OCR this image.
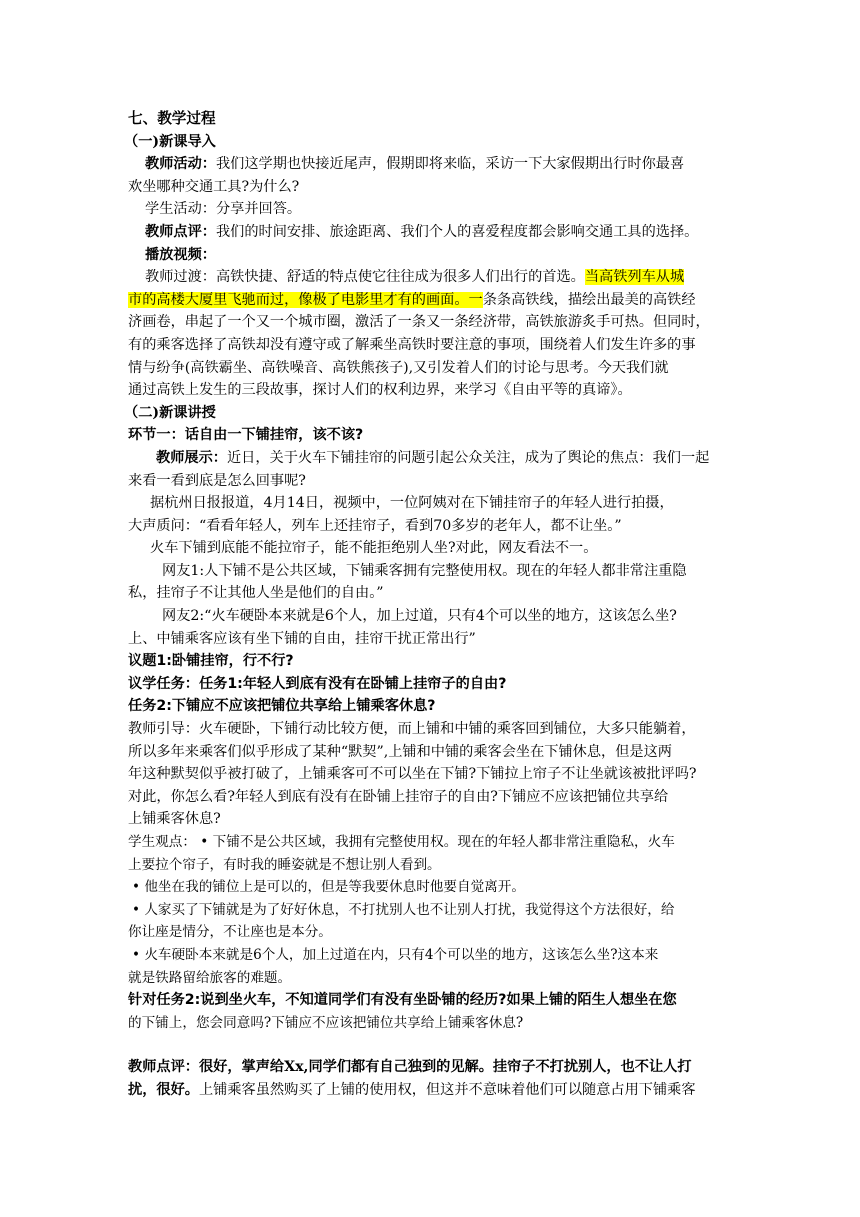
七、教学过程
（一)新课导入
教师活动：我们这学期也快接近尾声，假期即将来临，采访一下大家假期出行时你最喜
欢坐哪种交通工具?为什么?
学生活动：分享并回答。
教师点评：我们的时间安排、旅途距离、我们个人的喜爱程度都会影响交通工具的选择。
播放视频：
教师过渡：高铁快捷、舒适的特点使它往往成为很多人们出行的首选。当高铁列车从城
市的高楼大厦里飞驰而过，像极了电影里才有的画面。一条条高铁线，描绘出最美的高铁经
济画卷，串起了一个又一个城市圈，激活了一条又一条经济带，高铁旅游炙手可热。但同时，
有的乘客选择了高铁却没有遵守或了解乘坐高铁时要注意的事项，围绕着人们发生许多的事
情与纷争(高铁霸坐、高铁噪音、高铁熊孩子),又引发着人们的讨论与思考。今天我们就
通过高铁上发生的三段故事，探讨人们的权利边界，来学习《自由平等的真谛》。
（二)新课讲授
环节一：话自由一下铺挂帘，该不该?
教师展示：近日，关于火车下铺挂帘的问题引起公众关注，成为了舆论的焦点：我们一起
来看一看到底是怎么回事呢?
据杭州日报报道，4月14日，视频中，一位阿姨对在下铺挂帘子的年轻人进行拍摄，
大声质问：“看看年轻人，列车上还挂帘子，看到70多岁的老年人，都不让坐。”
火车下铺到底能不能拉帘子，能不能拒绝别人坐?对此，网友看法不一。
网友1:人下铺不是公共区域，下铺乘客拥有完整使用权。现在的年轻人都非常注重隐
私，挂帘子不让其他人坐是他们的自由。”
网友2:“火车硬卧本来就是6个人，加上过道，只有4个可以坐的地方，这该怎么坐?
上、中铺乘客应该有坐下铺的自由，挂帘干扰正常出行”
议题1:卧铺挂帘，行不行?
议学任务：任务1:年轻人到底有没有在卧铺上挂帘子的自由?
任务2:下铺应不应该把铺位共享给上铺乘客休息?
教师引导：火车硬卧，下铺行动比较方便，而上铺和中铺的乘客回到铺位，大多只能躺着，
所以多年来乘客们似乎形成了某种“默契”,上铺和中铺的乘客会坐在下铺休息，但是这两
年这种默契似乎被打破了，上铺乘客可不可以坐在下铺?下铺拉上帘子不让坐就该被批评吗?
对此，你怎么看?年轻人到底有没有在卧铺上挂帘子的自由?下铺应不应该把铺位共享给
上铺乘客休息?
学生观点： • 下铺不是公共区域，我拥有完整使用权。现在的年轻人都非常注重隐私，火车
上要拉个帘子，有时我的睡姿就是不想让别人看到。
• 他坐在我的铺位上是可以的，但是等我要休息时他要自觉离开。
• 人家买了下铺就是为了好好休息，不打扰别人也不让别人打扰，我觉得这个方法很好，给
你让座是情分，不让座也是本分。
• 火车硬卧本来就是6个人，加上过道在内，只有4个可以坐的地方，这该怎么坐?这本来
就是铁路留给旅客的难题。
针对任务2:说到坐火车，不知道同学们有没有坐卧铺的经历?如果上铺的陌生人想坐在您
的下铺上，您会同意吗?下铺应不应该把铺位共享给上铺乘客休息?
教师点评：很好，掌声给Xx,同学们都有自己独到的见解。挂帘子不打扰别人，也不让人打
扰，很好。上铺乘客虽然购买了上铺的使用权，但这并不意味着他们可以随意占用下铺乘客
